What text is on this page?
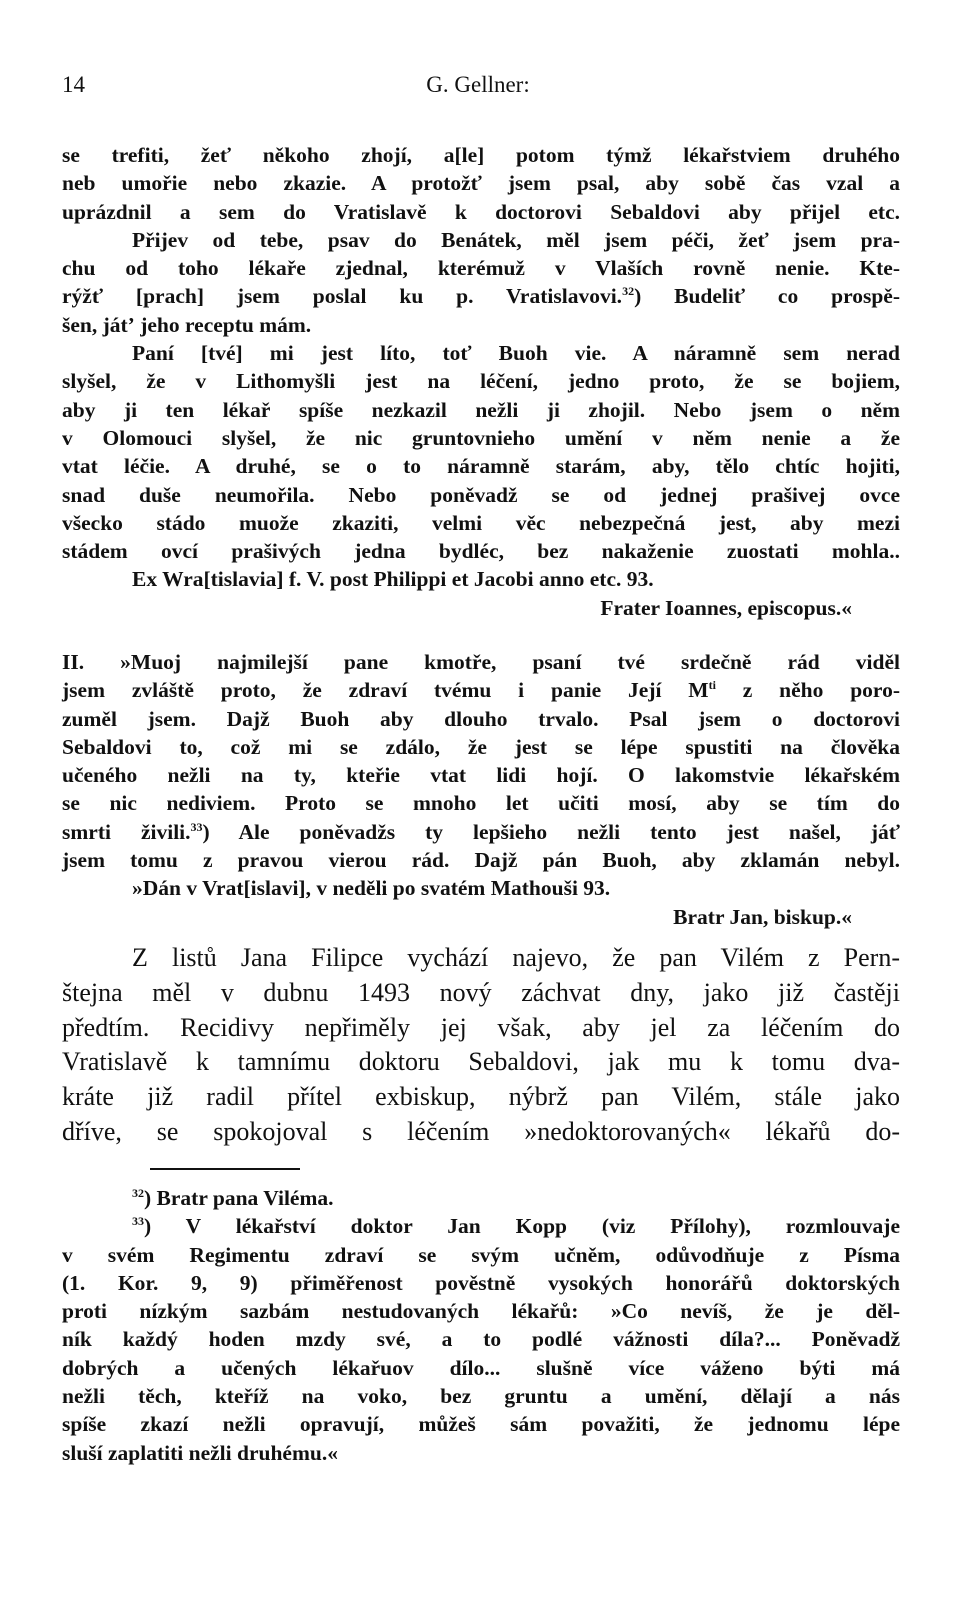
14	G. Gellner:
se trefiti, žeť někoho zhojí, a[le] potom týmž lékařstviem druhého
neb umořie nebo zkazie. A protožť jsem psal, aby sobě čas vzal a
uprázdnil a sem do Vratislavě k doctorovi Sebaldovi aby přijel etc.
Přijev od tebe, psav do Benátek, měl jsem péči, žeť jsem pra-
chu od toho lékaře zjednal, kterémuž v Vlaších rovně nenie. Kte-
rýžť [prach] jsem poslal ku p. Vratislavovi.$^{32}$) Budeliť co prospě-
šen, játʼ jeho receptu mám.
Paní [tvé] mi jest líto, toť Buoh vie. A náramně sem nerad
slyšel, že v Lithomyšli jest na léčení, jedno proto, že se bojiem,
aby ji ten lékař spíše nezkazil nežli ji zhojil. Nebo jsem o něm
v Olomouci slyšel, že nic gruntovnieho umění v něm nenie a že
vtat léčie. A druhé, se o to náramně starám, aby, tělo chtíc hojiti,
snad duše neumořila. Nebo poněvadž se od jednej prašivej ovce
všecko stádo muože zkaziti, velmi věc nebezpečná jest, aby mezi
stádem ovcí prašivých jedna bydléc, bez nakaženie zuostati mohla..
Ex Wra[tislavia] f. V. post Philippi et Jacobi anno etc. 93.
Frater Ioannes, episcopus.«
II. »Muoj najmilejší pane kmotře, psaní tvé srdečně rád viděl
jsem zvláště proto, že zdraví tvému i panie Její $M^{ti}$ z něho poro-
zuměl jsem. Dajž Buoh aby dlouho trvalo. Psal jsem o doctorovi
Sebaldovi to, což mi se zdálo, že jest se lépe spustiti na člověka
učeného nežli na ty, kteřie vtat lidi hojí. O lakomstvie lékařském
se nic nediviem. Proto se mnoho let učiti mosí, aby se tím do
smrti živili.$^{33}$) Ale poněvadžs ty lepšieho nežli tento jest našel, jáť
jsem tomu z pravou vierou rád. Dajž pán Buoh, aby zklamán nebyl.
»Dán v Vrat[islavi], v neděli po svatém Mathouši 93.
Bratr Jan, biskup.«
Z listů Jana Filipce vychází najevo, že pan Vilém z Pern-
štejna měl v dubnu 1493 nový záchvat dny, jako již častěji
předtím. Recidivy nepřiměly jej však, aby jel za léčením do
Vratislavě k tamnímu doktoru Sebaldovi, jak mu k tomu dva-
kráte již radil přítel exbiskup, nýbrž pan Vilém, stále jako
dříve, se spokojoval s léčením »nedoktorovaných« lékařů do-
$^{32}$) Bratr pana Viléma.
$^{33}$) V lékařství doktor Jan Kopp (viz Přílohy), rozmlouvaje
v svém Regimentu zdraví se svým učněm, odůvodňuje z Písma
(1. Kor. 9, 9) přiměřenost pověstně vysokých honorářů doktorských
proti nízkým sazbám nestudovaných lékařů: »Co nevíš, že je děl-
ník každý hoden mzdy své, a to podlé vážnosti díla?... Poněvadž
dobrých a učených lékařuov dílo... slušně více váženo býti má
nežli těch, kteříž na voko, bez gruntu a umění, dělají a nás
spíše zkazí nežli opravují, můžeš sám považiti, že jednomu lépe
sluší zaplatiti nežli druhému.«
